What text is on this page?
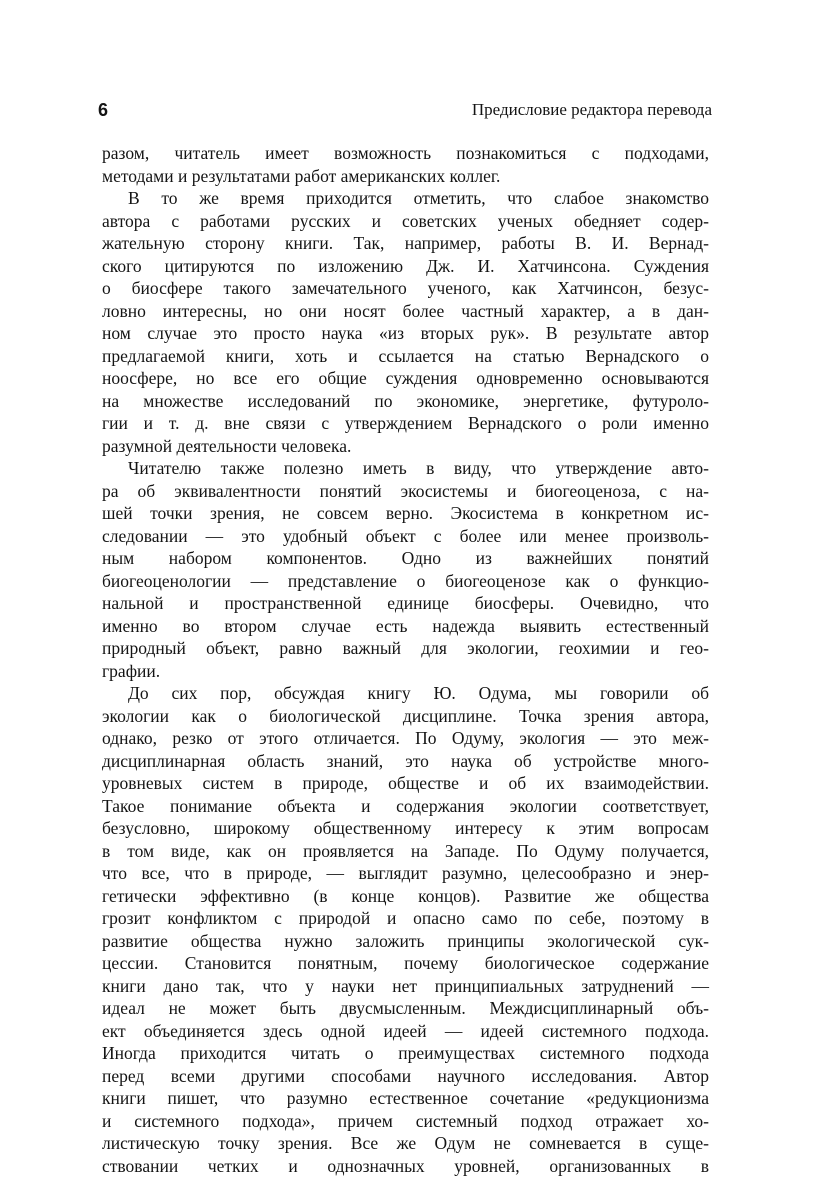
6	Предисловие редактора перевода
разом, читатель имеет возможность познакомиться с подходами,
методами и результатами работ американских коллег.
В то же время приходится отметить, что слабое знакомство
автора с работами русских и советских ученых обедняет содер-
жательную сторону книги. Так, например, работы В. И. Вернад-
ского цитируются по изложению Дж. И. Хатчинсона. Суждения
о биосфере такого замечательного ученого, как Хатчинсон, безус-
ловно интересны, но они носят более частный характер, а в дан-
ном случае это просто наука «из вторых рук». В результате автор
предлагаемой книги, хоть и ссылается на статью Вернадского о
ноосфере, но все его общие суждения одновременно основываются
на множестве исследований по экономике, энергетике, футуроло-
гии и т. д. вне связи с утверждением Вернадского о роли именно
разумной деятельности человека.
Читателю также полезно иметь в виду, что утверждение авто-
ра об эквивалентности понятий экосистемы и биогеоценоза, с на-
шей точки зрения, не совсем верно. Экосистема в конкретном ис-
следовании — это удобный объект с более или менее произволь-
ным набором компонентов. Одно из важнейших понятий
биогеоценологии — представление о биогеоценозе как о функцио-
нальной и пространственной единице биосферы. Очевидно, что
именно во втором случае есть надежда выявить естественный
природный объект, равно важный для экологии, геохимии и гео-
графии.
До сих пор, обсуждая книгу Ю. Одума, мы говорили об
экологии как о биологической дисциплине. Точка зрения автора,
однако, резко от этого отличается. По Одуму, экология — это меж-
дисциплинарная область знаний, это наука об устройстве много-
уровневых систем в природе, обществе и об их взаимодействии.
Такое понимание объекта и содержания экологии соответствует,
безусловно, широкому общественному интересу к этим вопросам
в том виде, как он проявляется на Западе. По Одуму получается,
что все, что в природе, — выглядит разумно, целесообразно и энер-
гетически эффективно (в конце концов). Развитие же общества
грозит конфликтом с природой и опасно само по себе, поэтому в
развитие общества нужно заложить принципы экологической сук-
цессии. Становится понятным, почему биологическое содержание
книги дано так, что у науки нет принципиальных затруднений —
идеал не может быть двусмысленным. Междисциплинарный объ-
ект объединяется здесь одной идеей — идеей системного подхода.
Иногда приходится читать о преимуществах системного подхода
перед всеми другими способами научного исследования. Автор
книги пишет, что разумно естественное сочетание «редукционизма
и системного подхода», причем системный подход отражает хо-
листическую точку зрения. Все же Одум не сомневается в суще-
ствовании четких и однозначных уровней, организованных в
